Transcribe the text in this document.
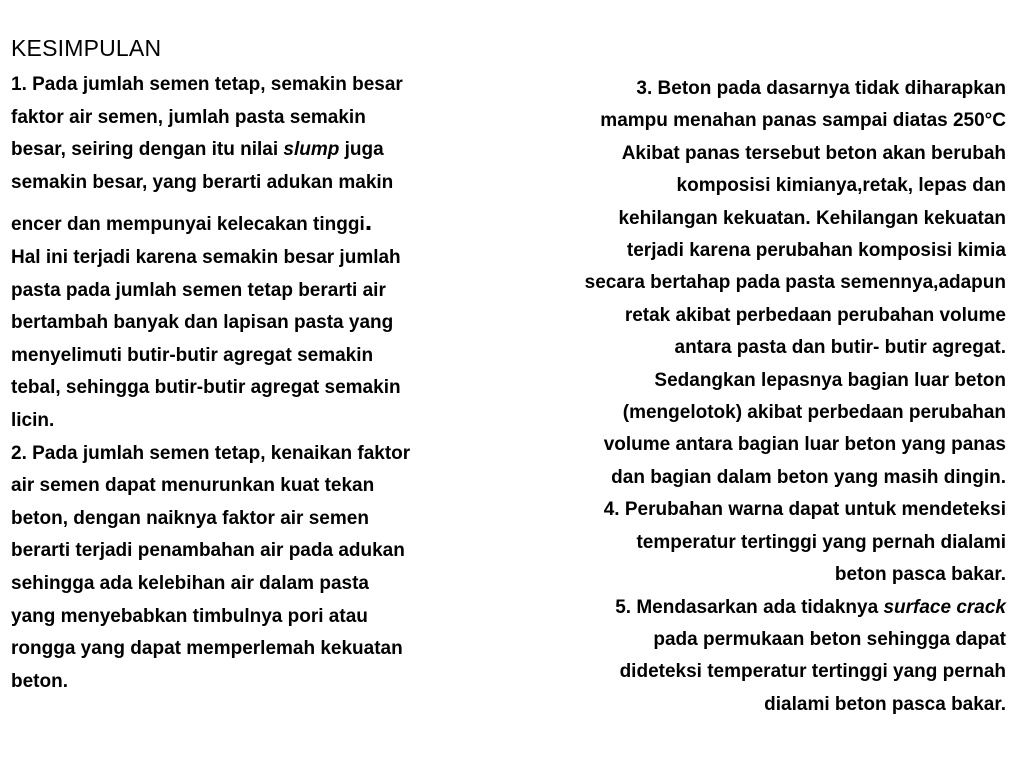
KESIMPULAN
1. Pada jumlah semen tetap, semakin besar
faktor air semen, jumlah pasta semakin
besar, seiring dengan itu nilai slump juga
semakin besar, yang berarti adukan makin
encer dan mempunyai kelecakan tinggi.
Hal ini terjadi karena semakin besar jumlah
pasta pada jumlah semen tetap berarti air
bertambah banyak dan lapisan pasta yang
menyelimuti butir-butir agregat semakin
tebal, sehingga butir-butir agregat semakin
licin.
2. Pada jumlah semen tetap, kenaikan faktor
air semen dapat menurunkan kuat tekan
beton, dengan naiknya faktor air semen
berarti terjadi penambahan air pada adukan
sehingga ada kelebihan air dalam pasta
yang menyebabkan timbulnya pori atau
rongga yang dapat memperlemah kekuatan
beton.
3. Beton pada dasarnya tidak diharapkan
mampu menahan panas sampai diatas 250°C
Akibat panas tersebut beton akan berubah
komposisi kimianya,retak, lepas dan
kehilangan kekuatan. Kehilangan kekuatan
terjadi karena perubahan komposisi kimia
secara bertahap pada pasta semennya,adapun
retak akibat perbedaan perubahan volume
antara pasta dan butir- butir agregat.
Sedangkan lepasnya bagian luar beton
(mengelotok) akibat perbedaan perubahan
volume antara bagian luar beton yang panas
dan bagian dalam beton yang masih dingin.
4. Perubahan warna dapat untuk mendeteksi
temperatur tertinggi yang pernah dialami
beton pasca bakar.
5. Mendasarkan ada tidaknya surface crack
pada permukaan beton sehingga dapat
dideteksi temperatur tertinggi yang pernah
dialami beton pasca bakar.
